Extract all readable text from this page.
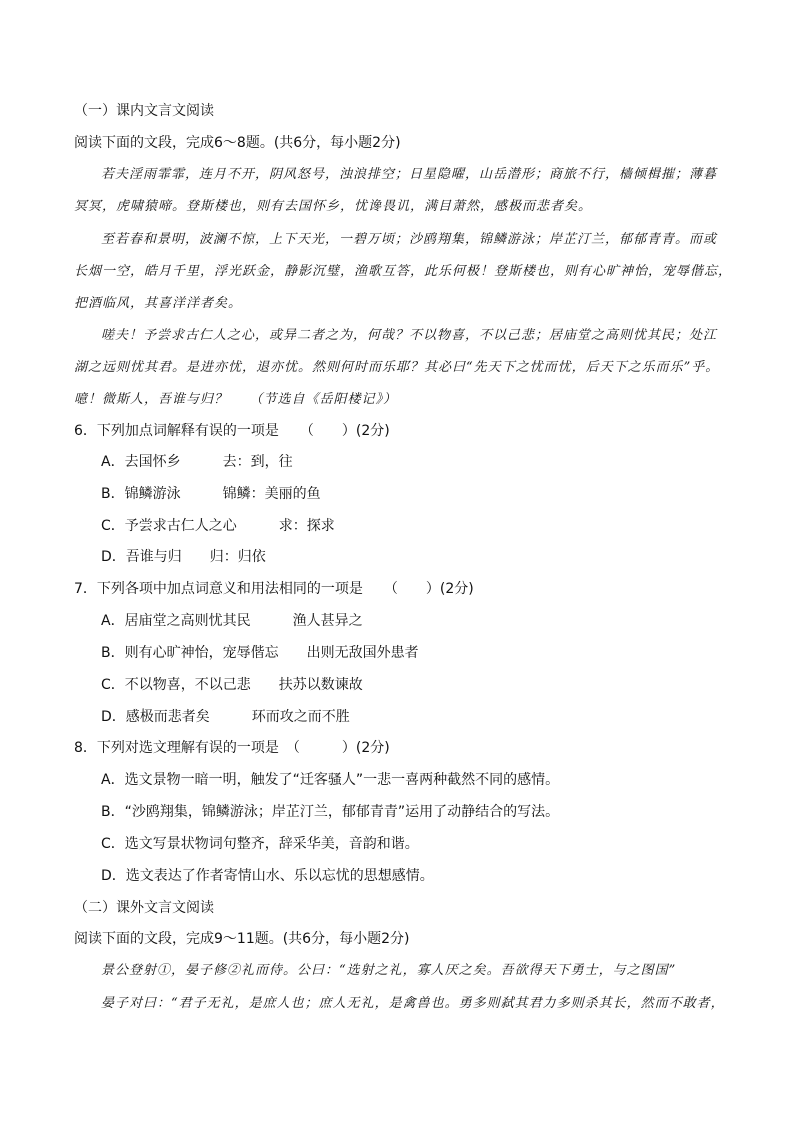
（一）课内文言文阅读
阅读下面的文段，完成6～8题。(共6分，每小题2分)
若夫淫雨霏霏，连月不开，阴风怒号，浊浪排空；日星隐曜，山岳潜形；商旅不行，樯倾楫摧；薄暮
冥冥，虎啸猿啼。登斯楼也，则有去国怀乡，忧谗畏讥，满目萧然，感极而悲者矣。
至若春和景明，波澜不惊，上下天光，一碧万顷；沙鸥翔集，锦鳞游泳；岸芷汀兰，郁郁青青。而或
长烟一空，皓月千里，浮光跃金，静影沉璧，渔歌互答，此乐何极！登斯楼也，则有心旷神怡，宠辱偕忘，
把酒临风，其喜洋洋者矣。
嗟夫！予尝求古仁人之心，或异二者之为，何哉？不以物喜，不以己悲；居庙堂之高则忧其民；处江
湖之远则忧其君。是进亦忧，退亦忧。然则何时而乐耶？其必曰“先天下之忧而忧，后天下之乐而乐”乎。
噫！微斯人，吾谁与归？　　（节选自《岳阳楼记》）
6．下列加点词解释有误的一项是　　（　　）(2分)
A．去国怀乡　　　去：到，往
B．锦鳞游泳　　　锦鳞：美丽的鱼
C．予尝求古仁人之心　　　求：探求
D．吾谁与归　　归：归依
7．下列各项中加点词意义和用法相同的一项是　　（　　）(2分)
A．居庙堂之高则忧其民　　　渔人甚异之
B．则有心旷神怡，宠辱偕忘　　出则无敌国外患者
C．不以物喜，不以己悲　　扶苏以数谏故
D．感极而悲者矣　　　环而攻之而不胜
8．下列对选文理解有误的一项是　（　　　）(2分)
A．选文景物一暗一明，触发了“迁客骚人”一悲一喜两种截然不同的感情。
B．“沙鸥翔集，锦鳞游泳；岸芷汀兰，郁郁青青”运用了动静结合的写法。
C．选文写景状物词句整齐，辞采华美，音韵和谐。
D．选文表达了作者寄情山水、乐以忘忧的思想感情。
（二）课外文言文阅读
阅读下面的文段，完成9～11题。(共6分，每小题2分)
景公登射①，晏子修②礼而侍。公曰：“选射之礼，寡人厌之矣。吾欲得天下勇士，与之图国”
晏子对曰：“君子无礼，是庶人也；庶人无礼，是禽兽也。勇多则弑其君力多则杀其长，然而不敢者，
